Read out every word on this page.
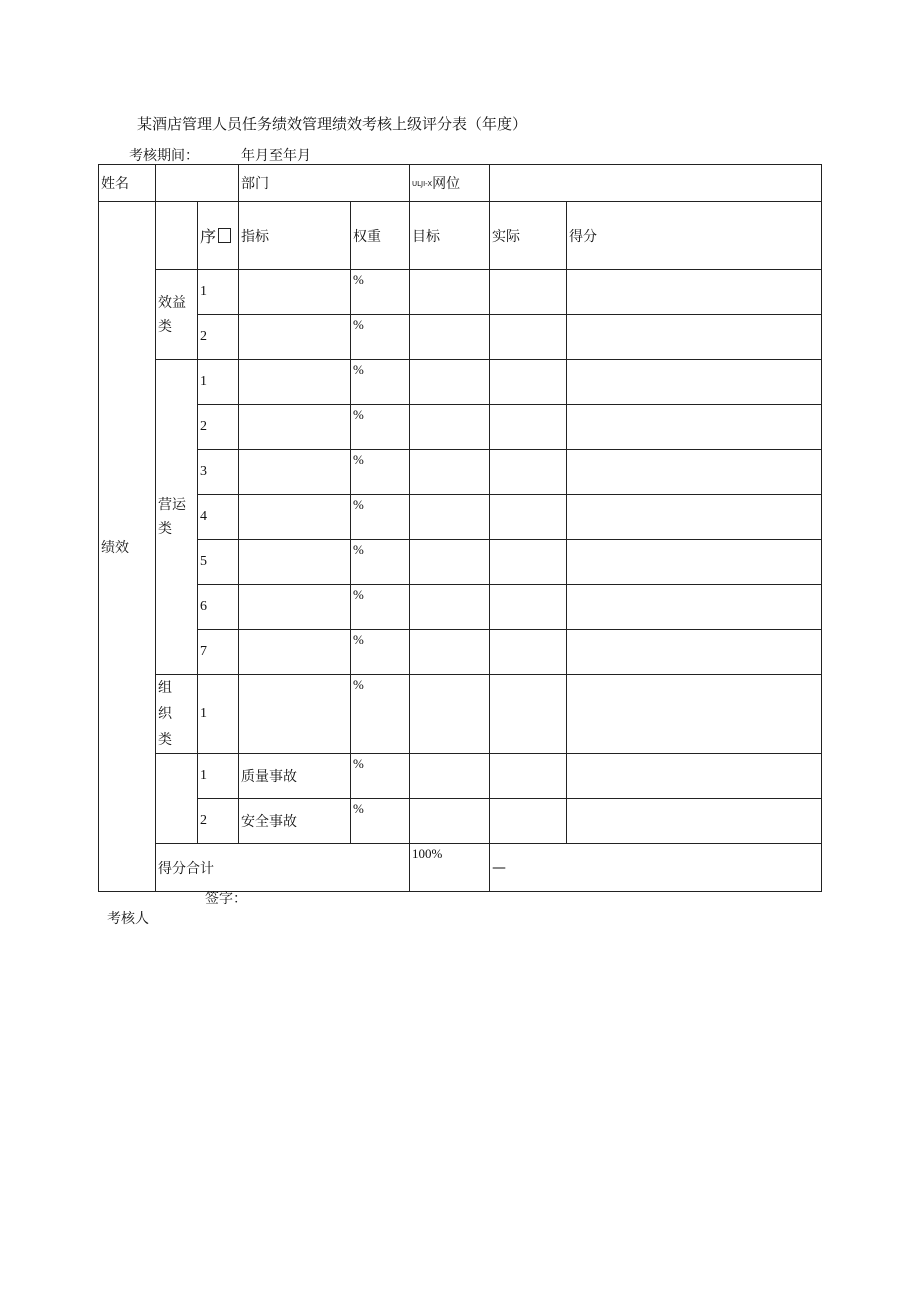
某酒店管理人员任务绩效管理绩效考核上级评分表（年度）
考核期间：	年月至年月
姓名			部门		ULJI-X网位			
绩效		序	指标	权重	目标	实际	得分	
	效益类	1		%				
		2		%				
	营运类	1		%				
		2		%				
		3		%				
		4		%				
		5		%				
		6		%				
		7		%				
	组织类	1		%				
		1	质量事故	%				
		2	安全事故	%				
	得分合计				100%	—		
签字：
考核人
